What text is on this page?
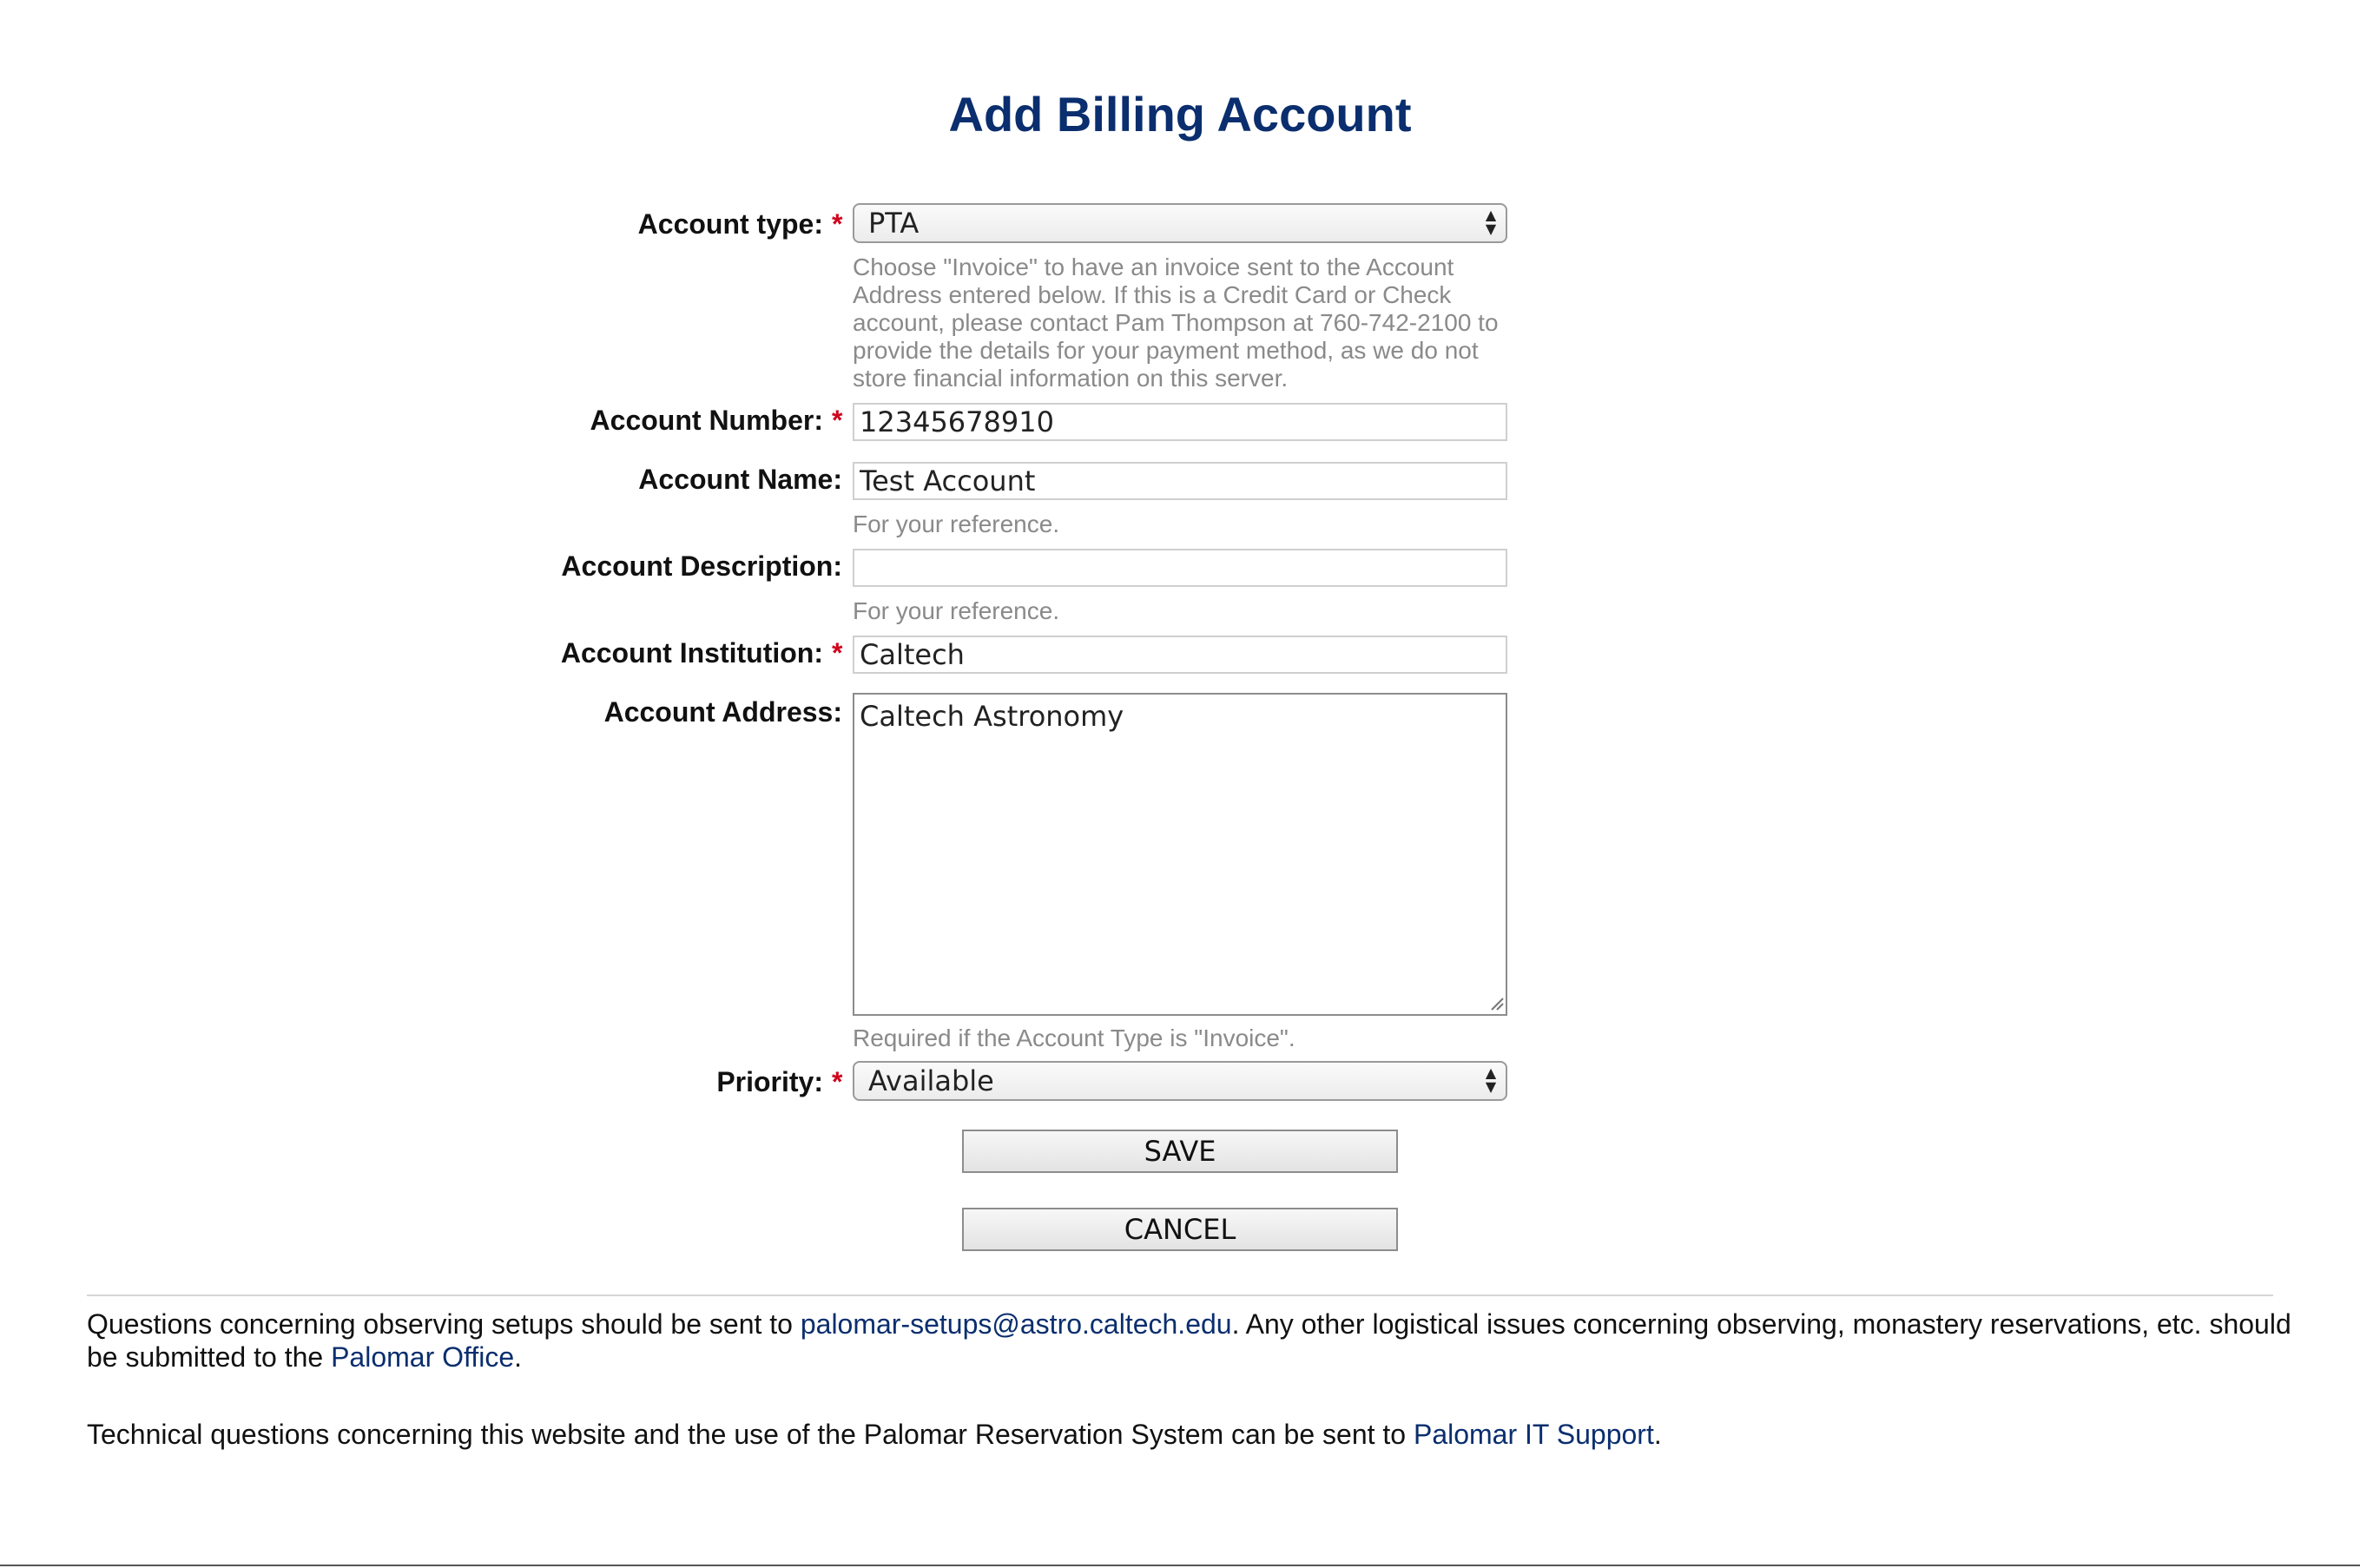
Add Billing Account
Account type: * PTA	▲
▼
Choose "Invoice" to have an invoice sent to the Account Address entered below. If this is a Credit Card or Check account, please contact Pam Thompson at 760-742-2100 to provide the details for your payment method, as we do not store financial information on this server.
Account Number: *
12345678910
Account Name:
Test Account
For your reference.
Account Description:
For your reference.
Account Institution: *
Caltech
Account Address:
Caltech Astronomy
Required if the Account Type is "Invoice".
Priority: * Available	▲
▼
SAVE
CANCEL

Questions concerning observing setups should be sent to palomar-setups@astro.caltech.edu. Any other logistical issues concerning observing, monastery reservations, etc. should be submitted to the Palomar Office.

Technical questions concerning this website and the use of the Palomar Reservation System can be sent to Palomar IT Support.
